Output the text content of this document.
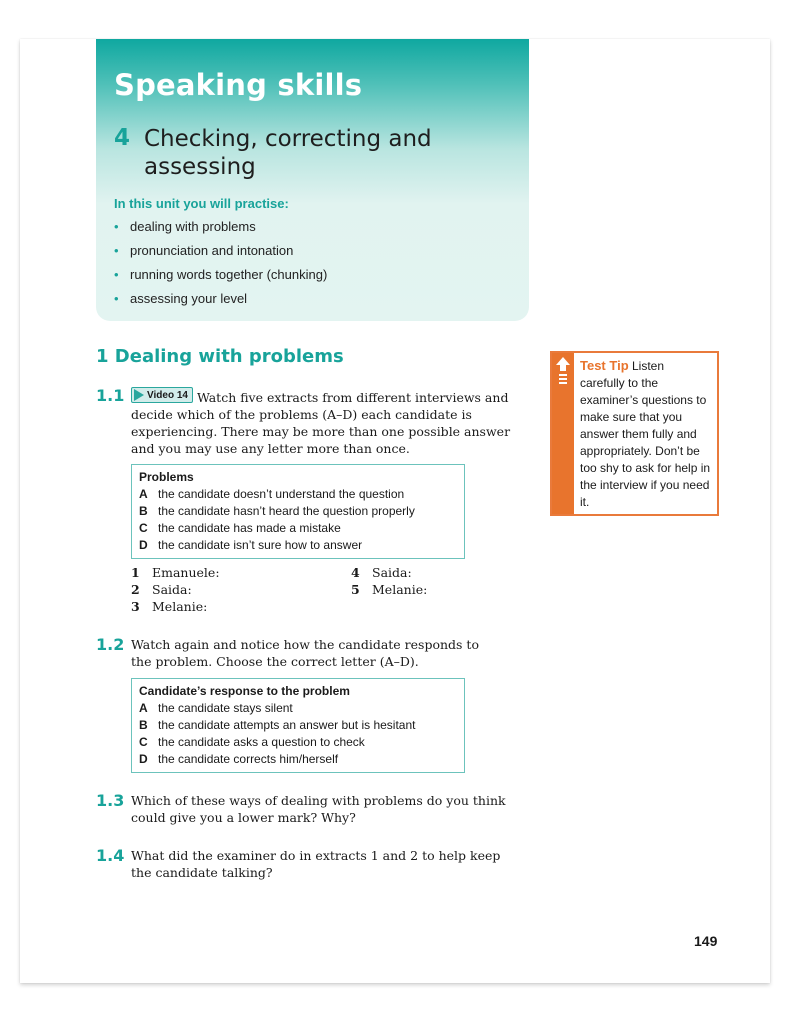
Speaking skills
4 Checking, correcting and assessing
In this unit you will practise:
• dealing with problems
• pronunciation and intonation
• running words together (chunking)
• assessing your level
1 Dealing with problems
1.1 Video 14 Watch five extracts from different interviews and decide which of the problems (A–D) each candidate is experiencing. There may be more than one possible answer and you may use any letter more than once.
Problems
A the candidate doesn’t understand the question
B the candidate hasn’t heard the question properly
C the candidate has made a mistake
D the candidate isn’t sure how to answer
1 Emanuele:
2 Saida:
3 Melanie:
4 Saida:
5 Melanie:
1.2 Watch again and notice how the candidate responds to the problem. Choose the correct letter (A–D).
Candidate’s response to the problem
A the candidate stays silent
B the candidate attempts an answer but is hesitant
C the candidate asks a question to check
D the candidate corrects him/herself
1.3 Which of these ways of dealing with problems do you think could give you a lower mark? Why?
1.4 What did the examiner do in extracts 1 and 2 to help keep the candidate talking?
Test Tip Listen carefully to the examiner’s questions to make sure that you answer them fully and appropriately. Don’t be too shy to ask for help in the interview if you need it.
149
